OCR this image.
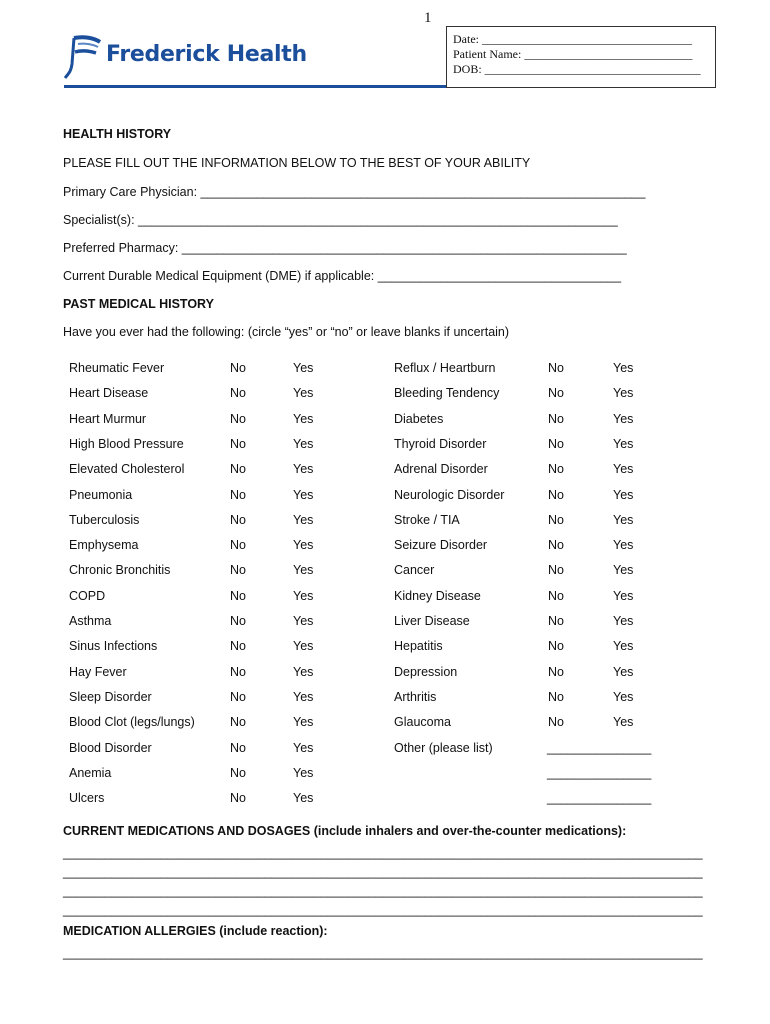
1
Frederick Health
Date: ___________________________________
Patient Name: ____________________________
DOB: ____________________________________
HEALTH HISTORY
PLEASE FILL OUT THE INFORMATION BELOW TO THE BEST OF YOUR ABILITY
Primary Care Physician: ________________________________________________________________
Specialist(s): _____________________________________________________________________
Preferred Pharmacy: ________________________________________________________________
Current Durable Medical Equipment (DME) if applicable: ___________________________________
PAST MEDICAL HISTORY
Have you ever had the following: (circle “yes” or “no” or leave blanks if uncertain)
Rheumatic Fever	No	Yes
Heart Disease	No	Yes
Heart Murmur	No	Yes
High Blood Pressure	No	Yes
Elevated Cholesterol	No	Yes
Pneumonia	No	Yes
Tuberculosis	No	Yes
Emphysema	No	Yes
Chronic Bronchitis	No	Yes
COPD	No	Yes
Asthma	No	Yes
Sinus Infections	No	Yes
Hay Fever	No	Yes
Sleep Disorder	No	Yes
Blood Clot (legs/lungs)	No	Yes
Blood Disorder	No	Yes
Anemia	No	Yes
Ulcers	No	Yes
Reflux / Heartburn	No	Yes
Bleeding Tendency	No	Yes
Diabetes	No	Yes
Thyroid Disorder	No	Yes
Adrenal Disorder	No	Yes
Neurologic Disorder	No	Yes
Stroke / TIA	No	Yes
Seizure Disorder	No	Yes
Cancer	No	Yes
Kidney Disease	No	Yes
Liver Disease	No	Yes
Hepatitis	No	Yes
Depression	No	Yes
Arthritis	No	Yes
Glaucoma	No	Yes
Other (please list)	_______________
_______________
_______________
CURRENT MEDICATIONS AND DOSAGES (include inhalers and over-the-counter medications):
____________________________________________________________________________________________
____________________________________________________________________________________________
____________________________________________________________________________________________
____________________________________________________________________________________________
MEDICATION ALLERGIES (include reaction):
____________________________________________________________________________________________
